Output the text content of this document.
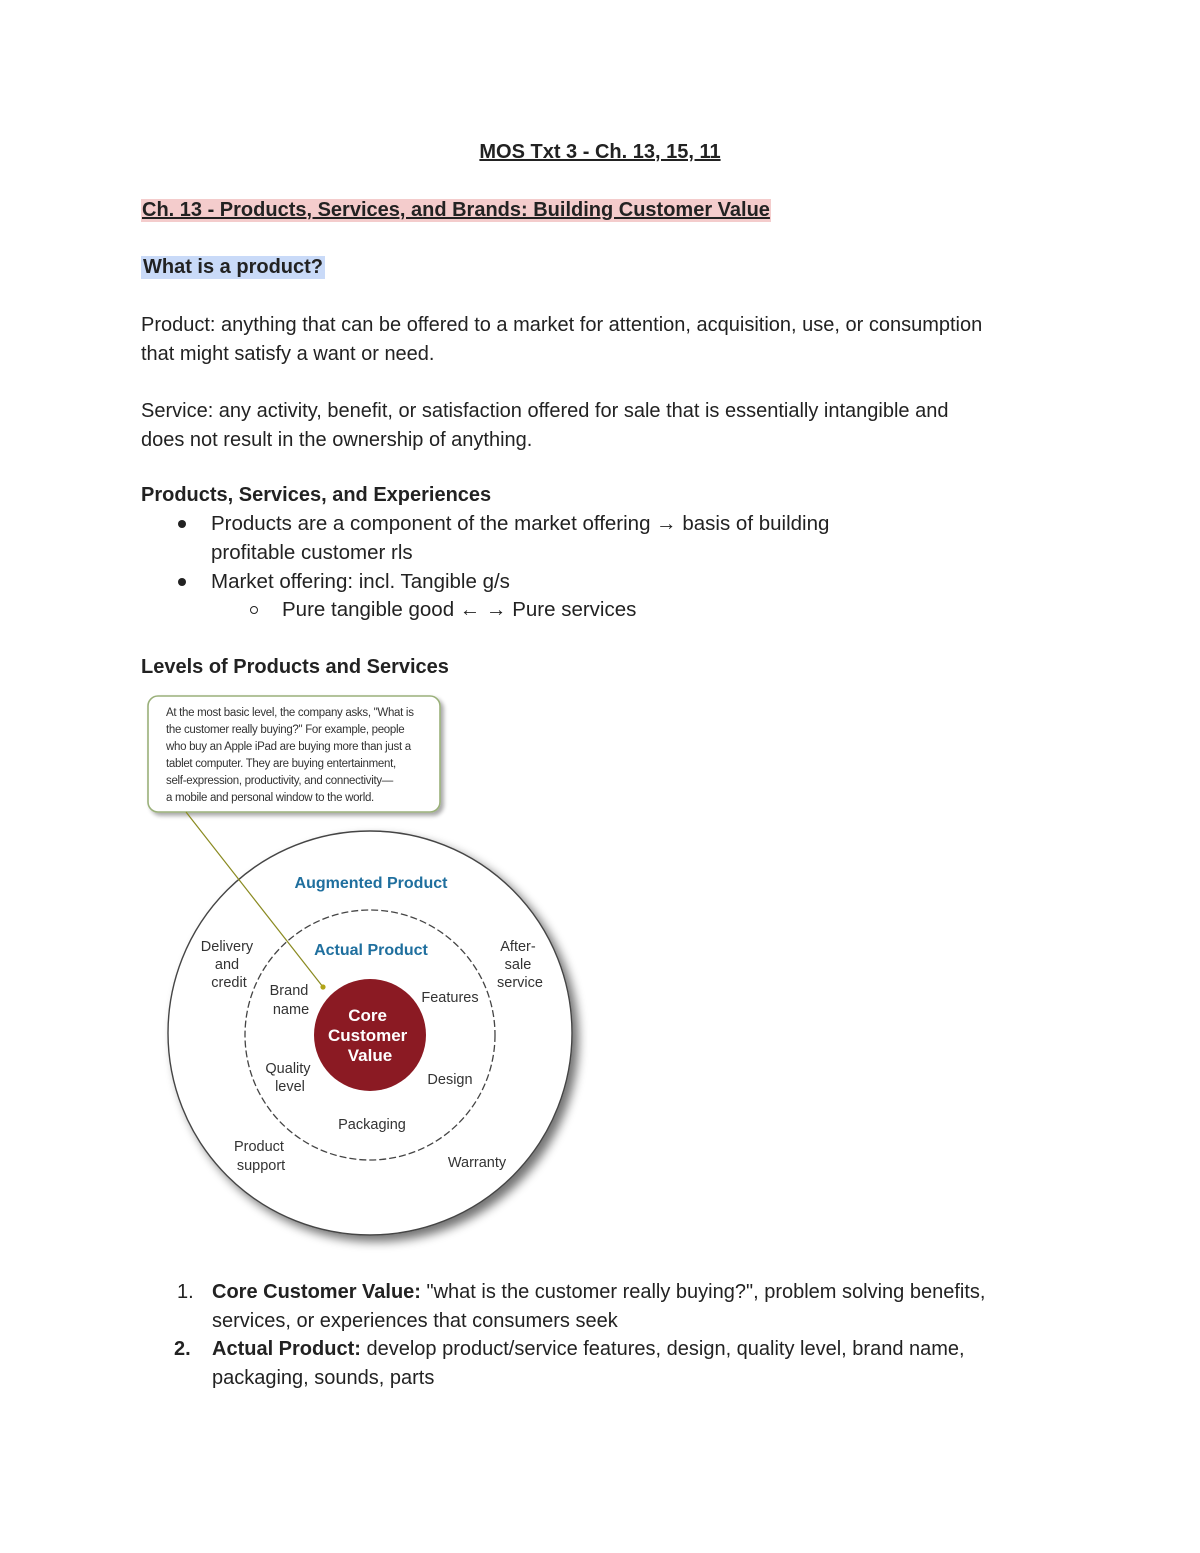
MOS Txt 3 - Ch. 13, 15, 11
Ch. 13 - Products, Services, and Brands: Building Customer Value
What is a product?
Product: anything that can be offered to a market for attention, acquisition, use, or consumption
that might satisfy a want or need.
Service: any activity, benefit, or satisfaction offered for sale that is essentially intangible and
does not result in the ownership of anything.
Products, Services, and Experiences
Products are a component of the market offering → basis of building
profitable customer rls
Market offering: incl. Tangible g/s
Pure tangible good ← → Pure services
Levels of Products and Services
At the most basic level, the company asks, "What is the customer really buying?" For example, people who buy an Apple iPad are buying more than just a tablet computer. They are buying entertainment, self-expression, productivity, and connectivity— a mobile and personal window to the world.
Augmented Product
Actual Product
Core Customer Value
Delivery and credit
After- sale service
Brand name
Features
Quality level	Design
Packaging
Product support	Warranty
1. Core Customer Value: "what is the customer really buying?", problem solving benefits,
services, or experiences that consumers seek
2. Actual Product: develop product/service features, design, quality level, brand name,
packaging, sounds, parts
